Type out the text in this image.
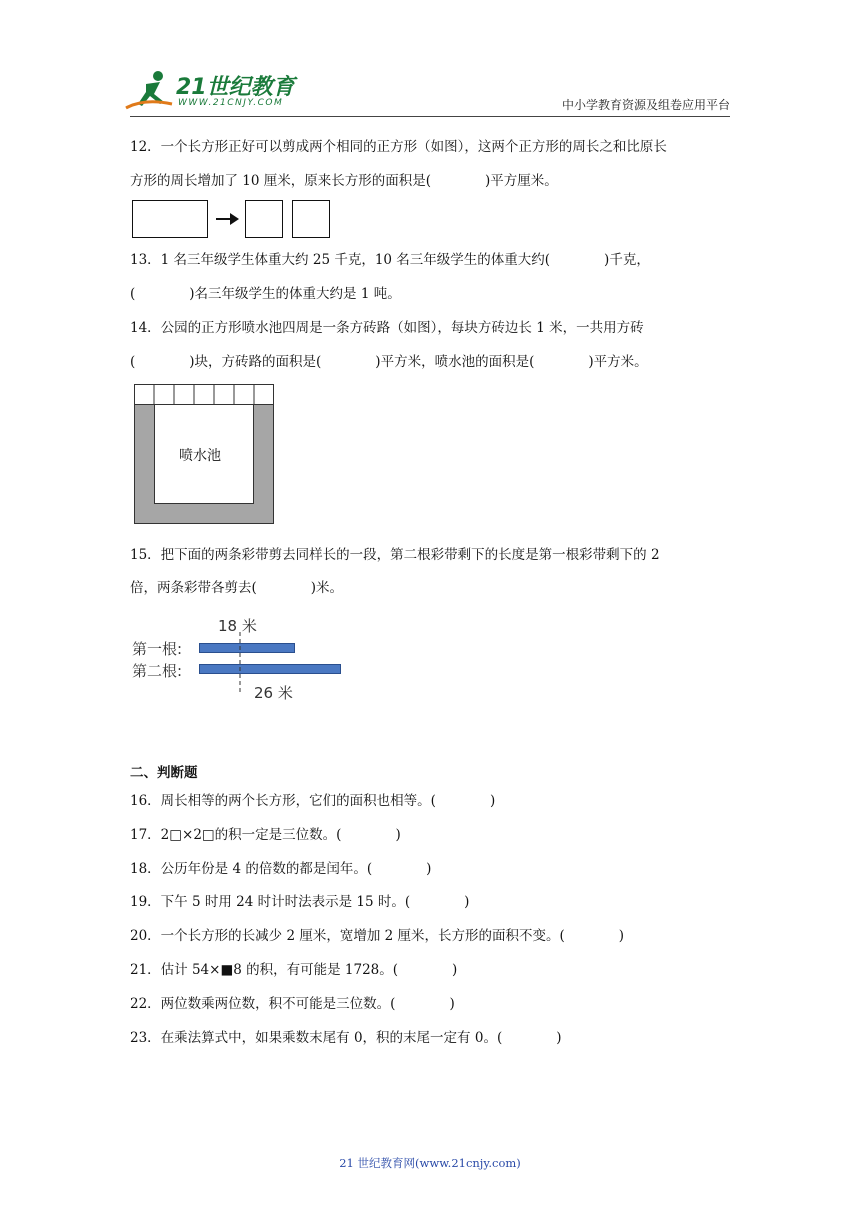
21世纪教育
WWW.21CNJY.COM	中小学教育资源及组卷应用平台
12．一个长方形正好可以剪成两个相同的正方形（如图），这两个正方形的周长之和比原长
方形的周长增加了 10 厘米，原来长方形的面积是(　　　　)平方厘米。
13．1 名三年级学生体重大约 25 千克，10 名三年级学生的体重大约(　　　　)千克，
(　　　　)名三年级学生的体重大约是 1 吨。
14．公园的正方形喷水池四周是一条方砖路（如图），每块方砖边长 1 米，一共用方砖
(　　　　)块，方砖路的面积是(　　　　)平方米，喷水池的面积是(　　　　)平方米。
喷水池
15．把下面的两条彩带剪去同样长的一段，第二根彩带剩下的长度是第一根彩带剩下的 2
倍，两条彩带各剪去(　　　　)米。
18 米
第一根:
第二根:
26 米
二、判断题
16．周长相等的两个长方形，它们的面积也相等。(　　　　)
17．2□×2□的积一定是三位数。(　　　　)
18．公历年份是 4 的倍数的都是闰年。(　　　　)
19．下午 5 时用 24 时计时法表示是 15 时。(　　　　)
20．一个长方形的长减少 2 厘米，宽增加 2 厘米，长方形的面积不变。(　　　　)
21．估计 54×■8 的积，有可能是 1728。(　　　　)
22．两位数乘两位数，积不可能是三位数。(　　　　)
23．在乘法算式中，如果乘数末尾有 0，积的末尾一定有 0。(　　　　)
21 世纪教育网(www.21cnjy.com)
